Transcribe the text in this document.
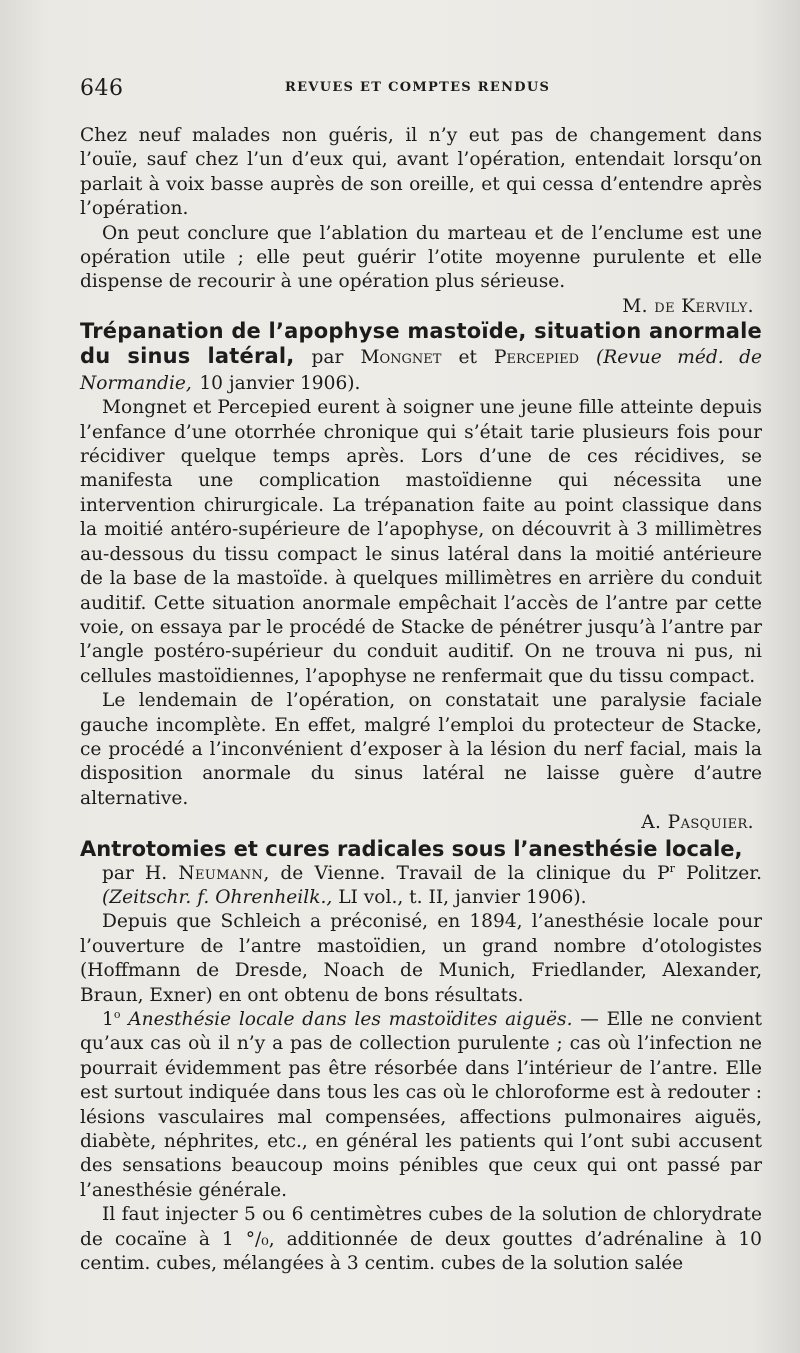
646	REVUES ET COMPTES RENDUS

Chez neuf malades non guéris, il n’y eut pas de changement dans l’ouïe, sauf chez l’un d’eux qui, avant l’opération, entendait lorsqu’on parlait à voix basse auprès de son oreille, et qui cessa d’entendre après l’opération.

On peut conclure que l’ablation du marteau et de l’enclume est une opération utile ; elle peut guérir l’otite moyenne purulente et elle dispense de recourir à une opération plus sérieuse.

M. de Kervily.

Trépanation de l’apophyse mastoïde, situation anormale du sinus latéral, par Mongnet et Percepied (Revue méd. de Normandie, 10 janvier 1906).

Mongnet et Percepied eurent à soigner une jeune fille atteinte depuis l’enfance d’une otorrhée chronique qui s’était tarie plusieurs fois pour récidiver quelque temps après. Lors d’une de ces récidives, se manifesta une complication mastoïdienne qui nécessita une intervention chirurgicale. La trépanation faite au point classique dans la moitié antéro-supérieure de l’apophyse, on découvrit à 3 millimètres au-dessous du tissu compact le sinus latéral dans la moitié antérieure de la base de la mastoïde. à quelques millimètres en arrière du conduit auditif. Cette situation anormale empêchait l’accès de l’antre par cette voie, on essaya par le procédé de Stacke de pénétrer jusqu’à l’antre par l’angle postéro-supérieur du conduit auditif. On ne trouva ni pus, ni cellules mastoïdiennes, l’apophyse ne renfermait que du tissu compact.

Le lendemain de l’opération, on constatait une paralysie faciale gauche incomplète. En effet, malgré l’emploi du protecteur de Stacke, ce procédé a l’inconvénient d’exposer à la lésion du nerf facial, mais la disposition anormale du sinus latéral ne laisse guère d’autre alternative.

A. Pasquier.

Antrotomies et cures radicales sous l’anesthésie locale,

par H. Neumann, de Vienne. Travail de la clinique du $P^r$ Politzer. (Zeitschr. f. Ohrenheilk., LI vol., t. II, janvier 1906).

Depuis que Schleich a préconisé, en 1894, l’anesthésie locale pour l’ouverture de l’antre mastoïdien, un grand nombre d’otologistes (Hoffmann de Dresde, Noach de Munich, Friedlander, Alexander, Braun, Exner) en ont obtenu de bons résultats.

1$^o$ Anesthésie locale dans les mastoïdites aiguës. — Elle ne convient qu’aux cas où il n’y a pas de collection purulente ; cas où l’infection ne pourrait évidemment pas être résorbée dans l’intérieur de l’antre. Elle est surtout indiquée dans tous les cas où le chloroforme est à redouter : lésions vasculaires mal compensées, affections pulmonaires aiguës, diabète, néphrites, etc., en général les patients qui l’ont subi accusent des sensations beaucoup moins pénibles que ceux qui ont passé par l’anesthésie générale.

Il faut injecter 5 ou 6 centimètres cubes de la solution de chlorydrate de cocaïne à 1 °/₀, additionnée de deux gouttes d’adrénaline à 10 centim. cubes, mélangées à 3 centim. cubes de la solution salée
